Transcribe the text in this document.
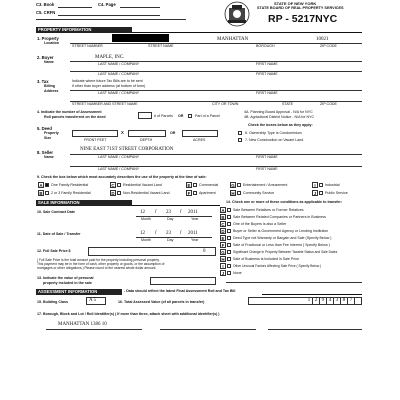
C3. Book	C4. Page
C5. CRFN
STATE OF NEW YORK
STATE BOARD OF REAL PROPERTY SERVICES
RP - 5217NYC
PROPERTY INFORMATION
1. Property
Location
MANHATTAN	10021
STREET NUMBER	STREET NAME	BOROUGH	ZIP CODE
2. Buyer
Name
MAPLE, INC.
LAST NAME / COMPANY	FIRST NAME
LAST NAME / COMPANY	FIRST NAME
3. Tax
Billing
Address
Indicate where future Tax Bills are to be sent
if other than buyer address (at bottom of form)
LAST NAME / COMPANY	FIRST NAME
STREET NUMBER AND STREET NAME	CITY OR TOWN	STATE	ZIP CODE
4. Indicate the number of Assessment
Roll parcels transferred on the deed	# of Parcels OR	Part of a Parcel
4A. Planning Board Approval - N/A for NYC
4B. Agricultural District Notice - N/A for NYC
Check the boxes below as they apply:
5. Deed
Property
Size
X	OR
FRONT FEET	DEPTH	ACRES
6. Ownership Type is Condominium
7. New Construction on Vacant Land
8. Seller
Name
NINE EAST 71ST STREET CORPORATION
LAST NAME / COMPANY	FIRST NAME
LAST NAME / COMPANY	FIRST NAME
9. Check the box below which most accurately describes the use of the property at the time of sale:
A	One Family Residential
B	2 or 3 Family Residential
C	Residential Vacant Land
D	Non-Residential Vacant Land
E	Commercial
F	Apartment
G	Entertainment / Amusement
H	Community Service
I	Industrial
J	Public Service
SALE INFORMATION	14. Check one or more of these conditions as applicable to transfer:
10. Sale Contract Date	12 / 23 / 2011
Month	Day	Year
11. Date of Sale / Transfer	12 / 23 / 2011
Month	Day	Year
12. Full Sale Price $	0
( Full Sale Price is the total amount paid for the property including personal property.
This payment may be in the form of cash, other property or goods, or the assumption of
mortgages or other obligations.) Please round to the nearest whole dollar amount.
13. Indicate the value of personal
property included in the sale
A	Sale Between Relatives or Former Relatives
B	Sale Between Related Companies or Partners in Business
C	One of the Buyers is also a Seller
D	Buyer or Seller is Government Agency or Lending Institution
E	Deed Type not Warranty or Bargain and Sale (Specify Below )
F	Sale of Fractional or Less than Fee Interest ( Specify Below )
G	Significant Change in Property Between Taxable Status and Sale Dates
H	Sale of Business is Included in Sale Price
I	Other Unusual Factors Affecting Sale Price ( Specify Below )
J	None
ASSESSMENT INFORMATION	- Data should reflect the latest Final Assessment Roll and Tax Bill
15. Building Class	A 5	16. Total Assessed Value (of all parcels in transfer)	1 2 9 4 3 8 7
17. Borough, Block and Lot / Roll Identifier(s) ( If more than three, attach sheet with additional identifier(s) )
MANHATTAN 1386 10
